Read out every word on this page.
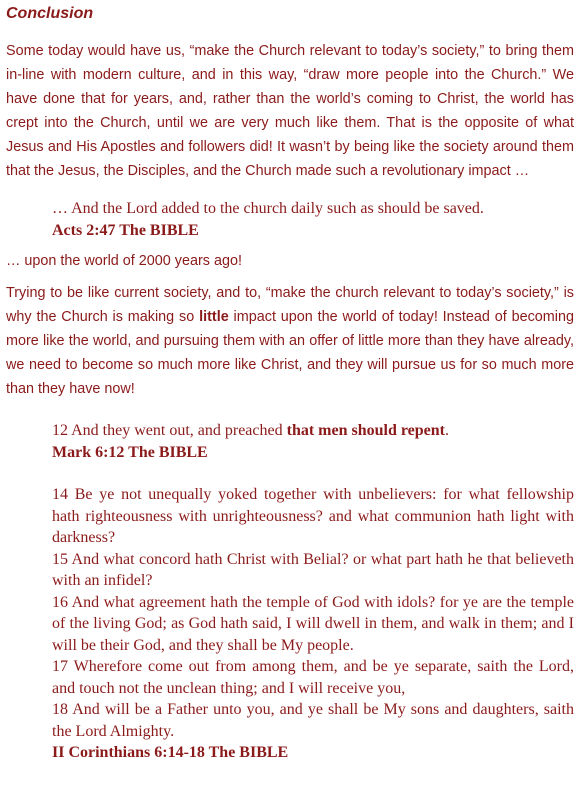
Conclusion

Some today would have us, “make the Church relevant to today’s society,” to bring them in-line with modern culture, and in this way, “draw more people into the Church.” We have done that for years, and, rather than the world’s coming to Christ, the world has crept into the Church, until we are very much like them. That is the opposite of what Jesus and His Apostles and followers did! It wasn’t by being like the society around them that the Jesus, the Disciples, and the Church made such a revolutionary impact …

… And the Lord added to the church daily such as should be saved.
Acts 2:47 The BIBLE

… upon the world of 2000 years ago!

Trying to be like current society, and to, “make the church relevant to today’s society,” is why the Church is making so little impact upon the world of today! Instead of becoming more like the world, and pursuing them with an offer of little more than they have already, we need to become so much more like Christ, and they will pursue us for so much more than they have now!

12 And they went out, and preached that men should repent.
Mark 6:12 The BIBLE
14 Be ye not unequally yoked together with unbelievers: for what fellowship hath righteousness with unrighteousness? and what communion hath light with darkness?
15 And what concord hath Christ with Belial? or what part hath he that believeth with an infidel?
16 And what agreement hath the temple of God with idols? for ye are the temple of the living God; as God hath said, I will dwell in them, and walk in them; and I will be their God, and they shall be My people.
17 Wherefore come out from among them, and be ye separate, saith the Lord, and touch not the unclean thing; and I will receive you,
18 And will be a Father unto you, and ye shall be My sons and daughters, saith the Lord Almighty.
II Corinthians 6:14-18 The BIBLE
